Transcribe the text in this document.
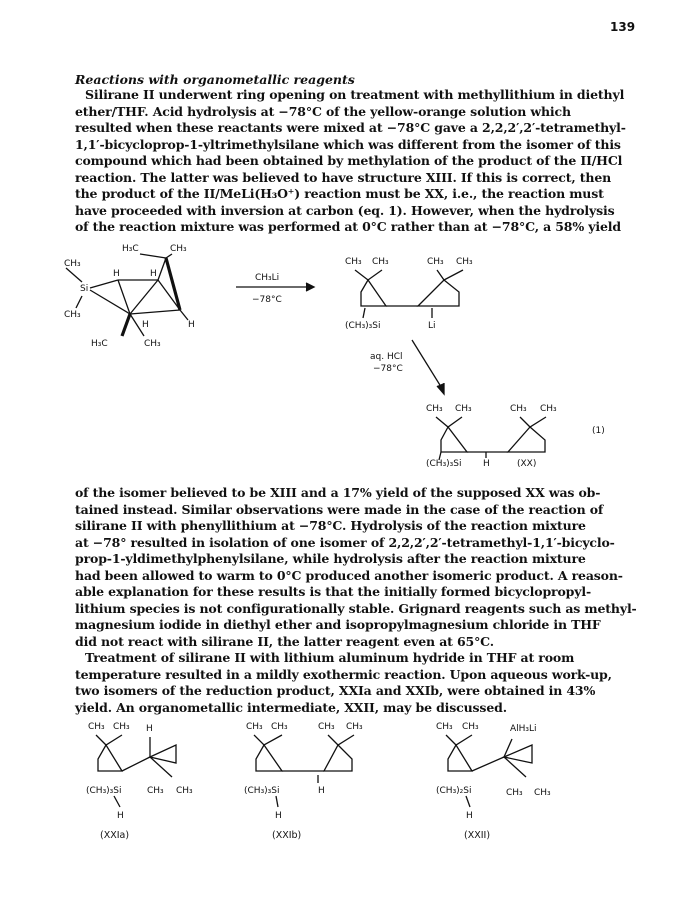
139
Reactions with organometallic reagents
Silirane II underwent ring opening on treatment with methyllithium in diethyl
ether/THF. Acid hydrolysis at −78°C of the yellow-orange solution which
resulted when these reactants were mixed at −78°C gave a 2,2,2′,2′-tetramethyl-
1,1′-bicycloprop-1-yltrimethylsilane which was different from the isomer of this
compound which had been obtained by methylation of the product of the II/HCl
reaction. The latter was believed to have structure XIII. If this is correct, then
the product of the II/MeLi(H₃O⁺) reaction must be XX, i.e., the reaction must
have proceeded with inversion at carbon (eq. 1). However, when the hydrolysis
of the reaction mixture was performed at 0°C rather than at −78°C, a 58% yield
H₃C	CH₃
CH₃
H	H
Si
CH₃
H	H
H₃C	CH₃
CH₃Li
−78°C
CH₃ CH₃	CH₃ CH₃
(CH₃)₃Si	Li
aq. HCl
−78°C
CH₃ CH₃	CH₃ CH₃
(1)
(CH₃)₃Si H	(XX)
of the isomer believed to be XIII and a 17% yield of the supposed XX was ob-
tained instead. Similar observations were made in the case of the reaction of
silirane II with phenyllithium at −78°C. Hydrolysis of the reaction mixture
at −78° resulted in isolation of one isomer of 2,2,2′,2′-tetramethyl-1,1′-bicyclo-
prop-1-yldimethylphenylsilane, while hydrolysis after the reaction mixture
had been allowed to warm to 0°C produced another isomeric product. A reason-
able explanation for these results is that the initially formed bicyclopropyl-
lithium species is not configurationally stable. Grignard reagents such as methyl-
magnesium iodide in diethyl ether and isopropylmagnesium chloride in THF
did not react with silirane II, the latter reagent even at 65°C.
Treatment of silirane II with lithium aluminum hydride in THF at room
temperature resulted in a mildly exothermic reaction. Upon aqueous work-up,
two isomers of the reduction product, XXIa and XXIb, were obtained in 43%
yield. An organometallic intermediate, XXII, may be discussed.
CH₃ CH₃ H
(CH₃)₃Si	CH₃ CH₃
H
(XXIa)
CH₃ CH₃	CH₃ CH₃
(CH₃)₃Si	H
H
(XXIb)
CH₃ CH₃	AlH₃Li
(CH₃)₂Si	CH₃ CH₃
H
(XXII)
